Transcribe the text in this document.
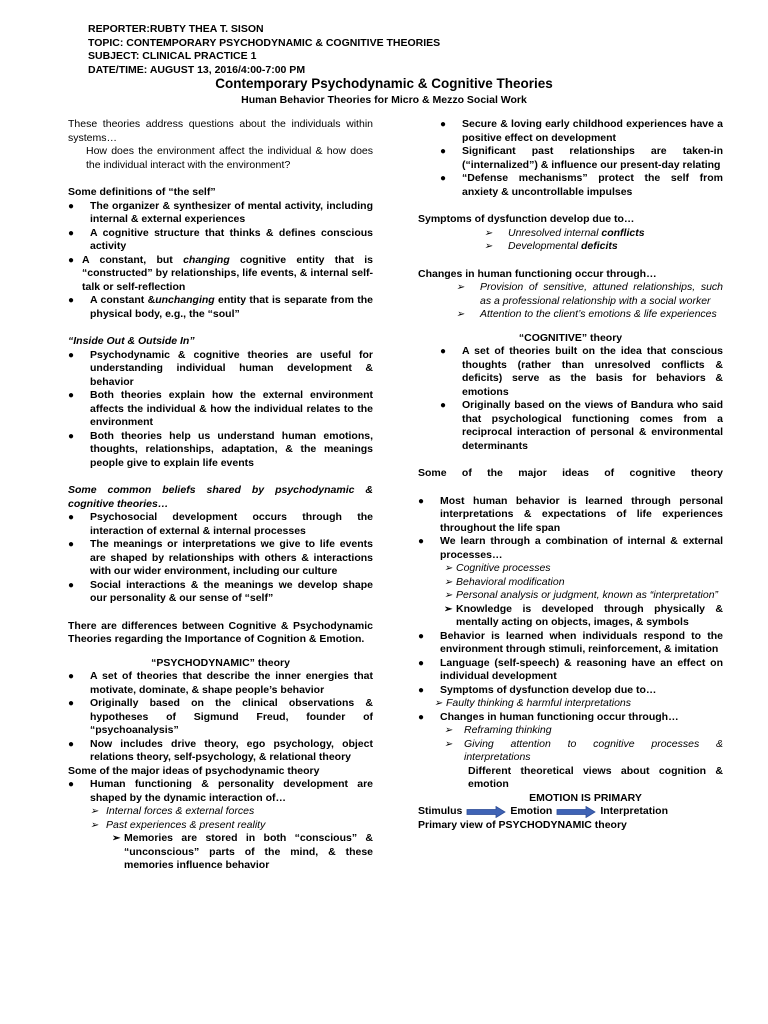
REPORTER:RUBTY THEA T. SISON
TOPIC: CONTEMPORARY PSYCHODYNAMIC & COGNITIVE THEORIES
SUBJECT: CLINICAL PRACTICE 1
DATE/TIME: AUGUST 13, 2016/4:00-7:00 PM
Contemporary Psychodynamic & Cognitive Theories
Human Behavior Theories for Micro & Mezzo Social Work

These theories address questions about the individuals within systems…

How does the environment affect the individual & how does the individual interact with the environment?

Some definitions of “the self”

● The organizer & synthesizer of mental activity, including internal & external experiences
● A cognitive structure that thinks & defines conscious activity
● A constant, but changing cognitive entity that is “constructed” by relationships, life events, & internal self-talk or self-reflection
● A constant &unchanging entity that is separate from the physical body, e.g., the “soul”

“Inside Out & Outside In”

● Psychodynamic & cognitive theories are useful for understanding individual human development & behavior
● Both theories explain how the external environment affects the individual & how the individual relates to the environment
● Both theories help us understand human emotions, thoughts, relationships, adaptation, & the meanings people give to explain life events

Some common beliefs shared by psychodynamic & cognitive theories…

● Psychosocial development occurs through the interaction of external & internal processes
● The meanings or interpretations we give to life events are shaped by relationships with others & interactions with our wider environment, including our culture
● Social interactions & the meanings we develop shape our personality & our sense of “self”

There are differences between Cognitive & Psychodynamic Theories regarding the Importance of Cognition & Emotion.

“PSYCHODYNAMIC” theory

● A set of theories that describe the inner energies that motivate, dominate, & shape people’s behavior
● Originally based on the clinical observations & hypotheses of Sigmund Freud, founder of “psychoanalysis”
● Now includes drive theory, ego psychology, object relations theory, self-psychology, & relational theory

Some of the major ideas of psychodynamic theory

● Human functioning & personality development are shaped by the dynamic interaction of…
➢ Internal forces & external forces
➢ Past experiences & present reality
➢ Memories are stored in both “conscious” & “unconscious” parts of the mind, & these memories influence behavior
● Secure & loving early childhood experiences have a positive effect on development
● Significant past relationships are taken-in (“internalized”) & influence our present-day relating
● “Defense mechanisms” protect the self from anxiety & uncontrollable impulses

Symptoms of dysfunction develop due to…

➢ Unresolved internal conflicts
➢ Developmental deficits

Changes in human functioning occur through…

➢ Provision of sensitive, attuned relationships, such as a professional relationship with a social worker
➢ Attention to the client’s emotions & life experiences

“COGNITIVE” theory

● A set of theories built on the idea that conscious thoughts (rather than unresolved conflicts & deficits) serve as the basis for behaviors & emotions
● Originally based on the views of Bandura who said that psychological functioning comes from a reciprocal interaction of personal & environmental determinants

Some of the major ideas of cognitive theory

● Most human behavior is learned through personal interpretations & expectations of life experiences throughout the life span
● We learn through a combination of internal & external processes…
➢ Cognitive processes
➢ Behavioral modification
➢ Personal analysis or judgment, known as “interpretation”
➢ Knowledge is developed through physically & mentally acting on objects, images, & symbols
● Behavior is learned when individuals respond to the environment through stimuli, reinforcement, & imitation
● Language (self-speech) & reasoning have an effect on individual development
● Symptoms of dysfunction develop due to…
➢ Faulty thinking & harmful interpretations
● Changes in human functioning occur through…
➢ Reframing thinking
➢ Giving attention to cognitive processes & interpretations

Different theoretical views about cognition & emotion

EMOTION IS PRIMARY

Stimulus	Emotion	Interpretation

Primary view of PSYCHODYNAMIC theory
